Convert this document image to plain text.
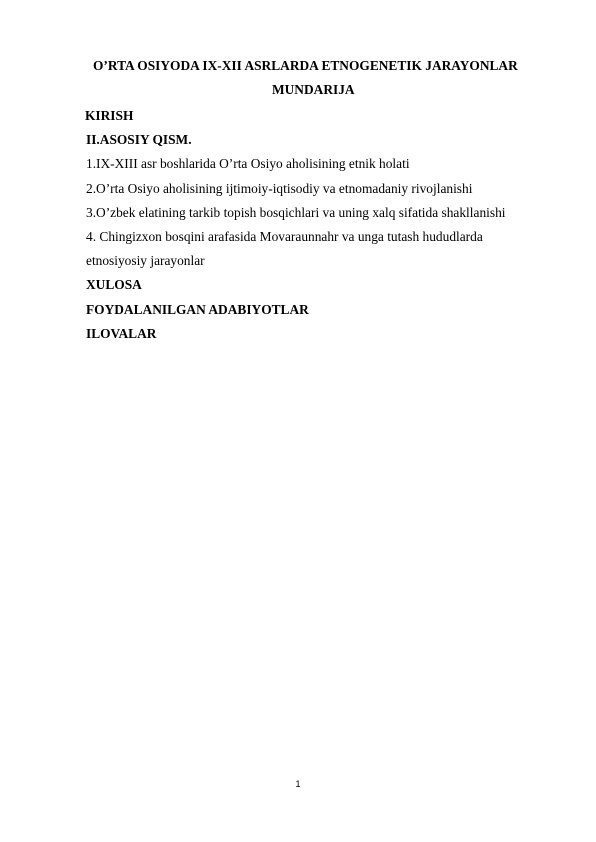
O’RTA OSIYODA IX-XII ASRLARDA ETNOGENETIK JARAYONLAR
MUNDARIJA
KIRISH
II.ASOSIY QISM.
1.IX-XIII asr boshlarida O’rta Osiyo aholisining etnik holati
2.O’rta Osiyo aholisining ijtimoiy-iqtisodiy va etnomadaniy rivojlanishi
3.O’zbek elatining tarkib topish bosqichlari va uning xalq sifatida shakllanishi
4. Chingizxon bosqini arafasida Movaraunnahr va unga tutash hududlarda
etnosiyosiy jarayonlar
XULOSA
FOYDALANILGAN ADABIYOTLAR
ILOVALAR
1
